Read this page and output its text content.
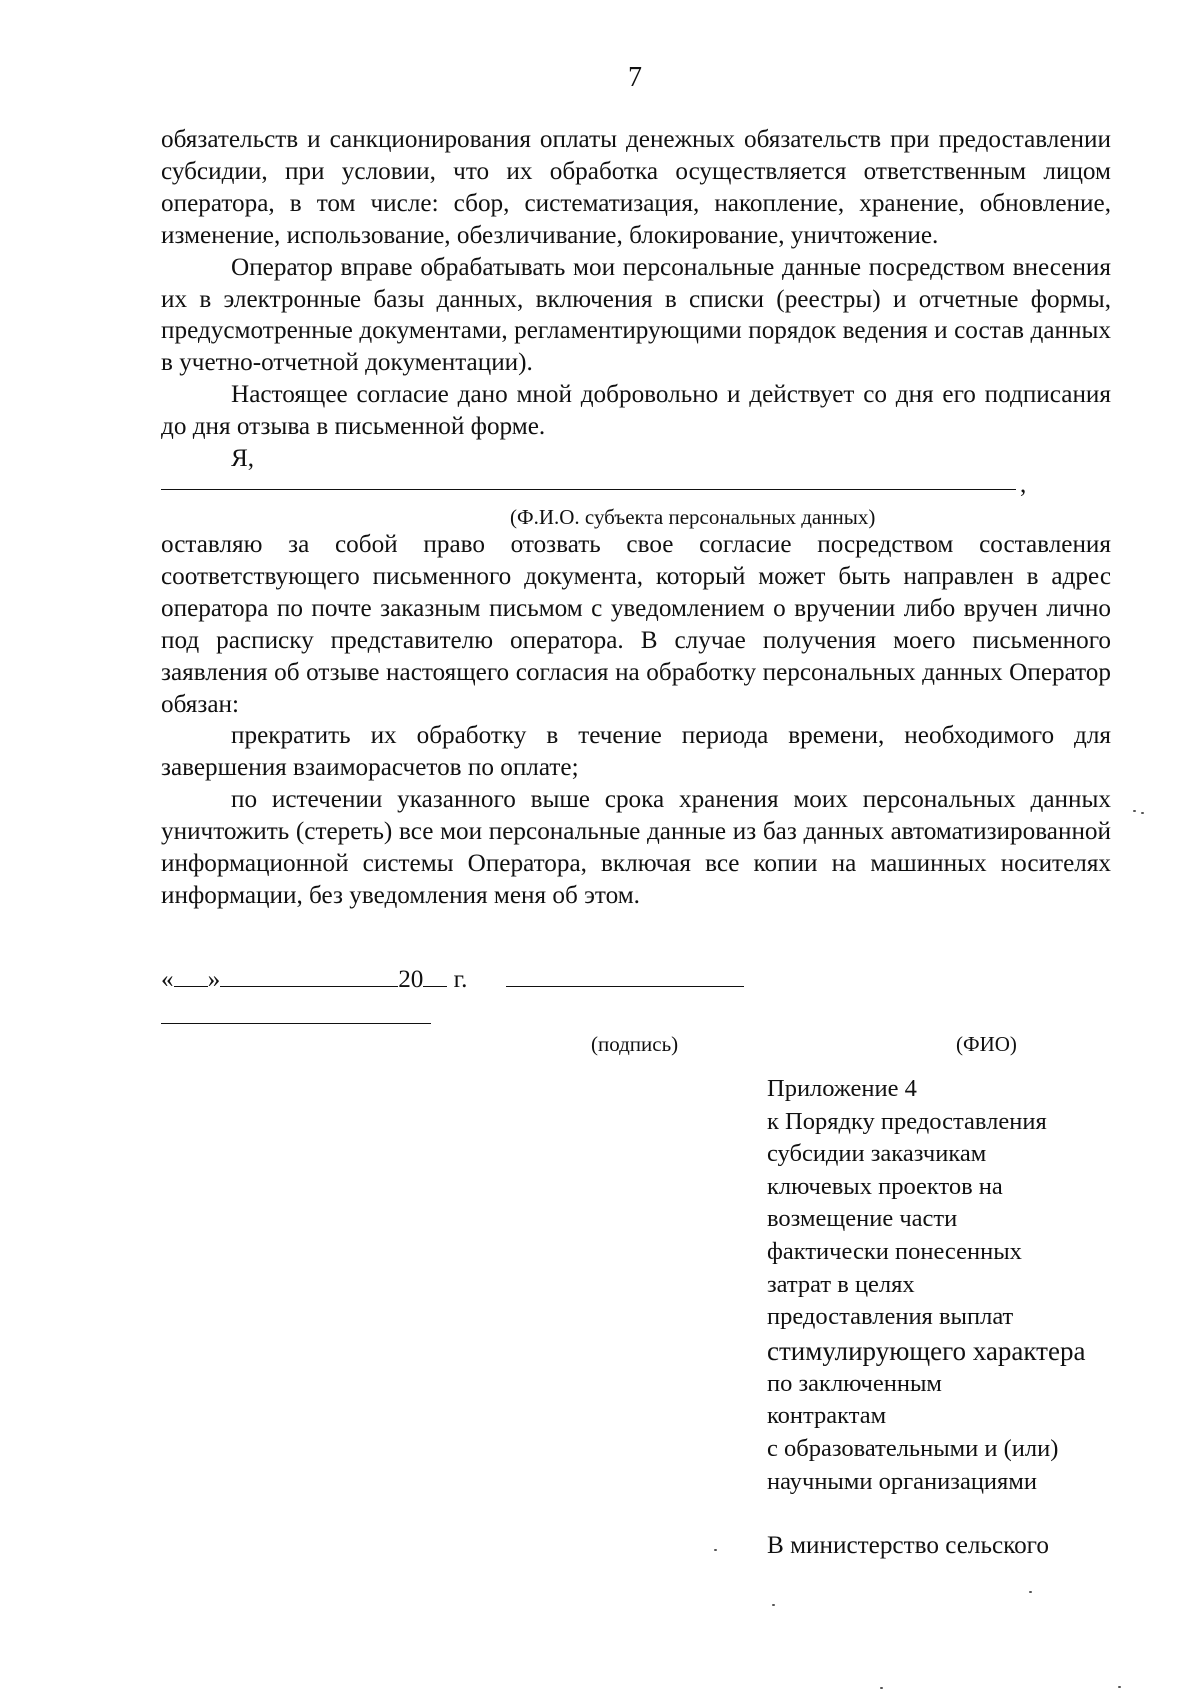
7

обязательств и санкционирования оплаты денежных обязательств при предоставлении субсидии, при условии, что их обработка осуществляется ответственным лицом оператора, в том числе: сбор, систематизация, накопление, хранение, обновление, изменение, использование, обезличивание, блокирование, уничтожение.

Оператор вправе обрабатывать мои персональные данные посредством внесения их в электронные базы данных, включения в списки (реестры) и отчетные формы, предусмотренные документами, регламентирующими порядок ведения и состав данных в учетно-отчетной документации).

Настоящее согласие дано мной добровольно и действует со дня его подписания до дня отзыва в письменной форме.

Я,

,
(Ф.И.О. субъекта персональных данных)

оставляю за собой право отозвать свое согласие посредством составления соответствующего письменного документа, который может быть направлен в адрес оператора по почте заказным письмом с уведомлением о вручении либо вручен лично под расписку представителю оператора. В случае получения моего письменного заявления об отзыве настоящего согласия на обработку персональных данных Оператор обязан:

прекратить их обработку в течение периода времени, необходимого для завершения взаиморасчетов по оплате;

по истечении указанного выше срока хранения моих персональных данных уничтожить (стереть) все мои персональные данные из баз данных автоматизированной информационной системы Оператора, включая все копии на машинных носителях информации, без уведомления меня об этом.

« »	20 г.
(подпись)	(ФИО)
Приложение 4
к Порядку предоставления
субсидии заказчикам
ключевых проектов на
возмещение части
фактически понесенных
затрат в целях
предоставления выплат
стимулирующего характера
по заключенным
контрактам
с образовательными и (или)
научными организациями
В министерство сельского
